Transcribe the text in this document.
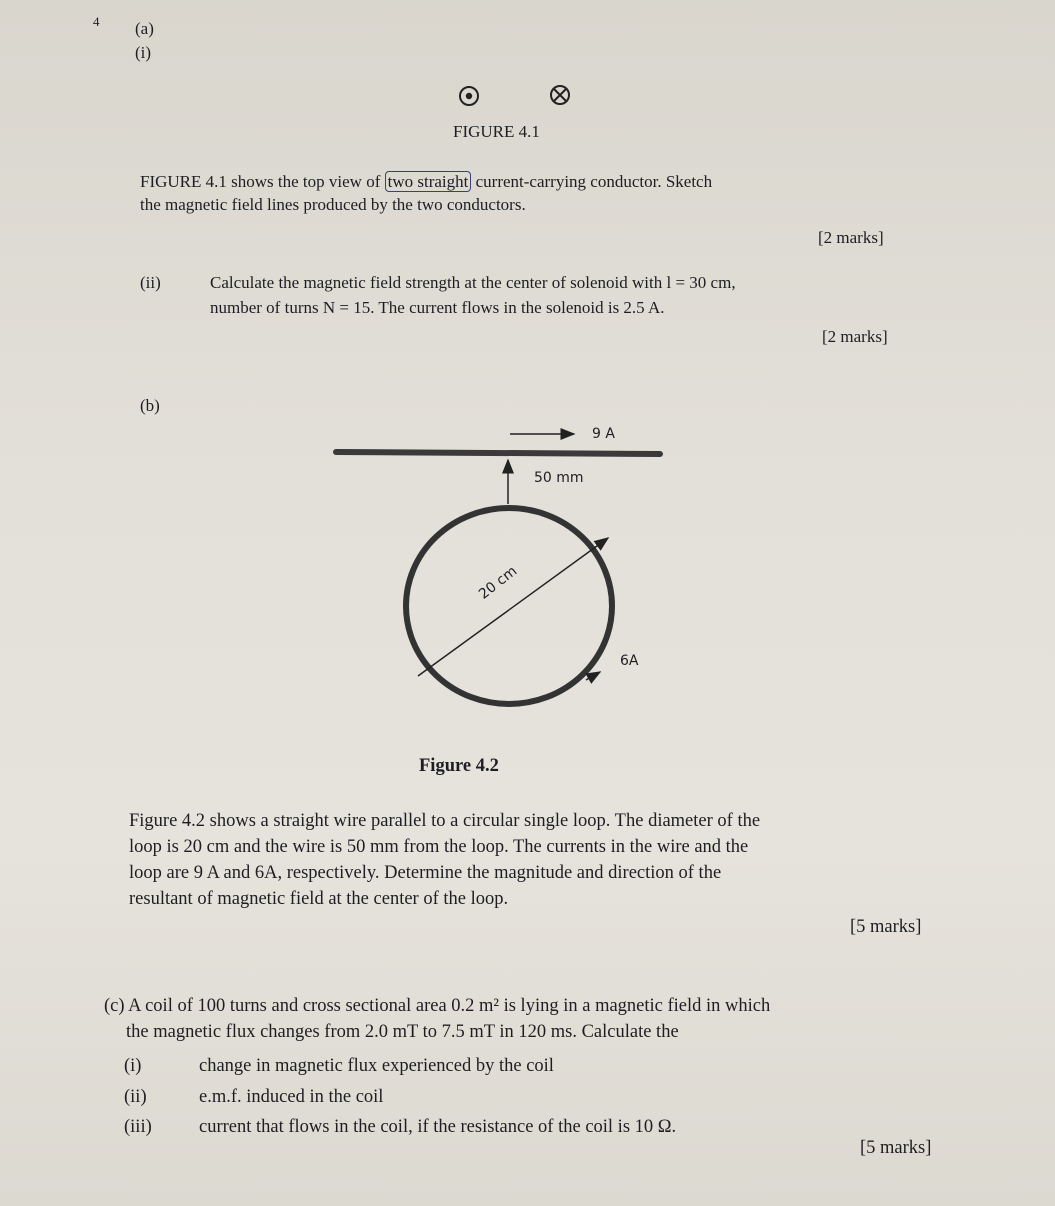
4 (a)
(i)
FIGURE 4.1
FIGURE 4.1 shows the top view of two straight current-carrying conductor. Sketch
the magnetic field lines produced by the two conductors.
[2 marks]
(ii)	Calculate the magnetic field strength at the center of solenoid with l = 30 cm,
number of turns N = 15. The current flows in the solenoid is 2.5 A.
[2 marks]
(b)
9 A
50 mm
20 cm
6A
Figure 4.2
Figure 4.2 shows a straight wire parallel to a circular single loop. The diameter of the
loop is 20 cm and the wire is 50 mm from the loop. The currents in the wire and the
loop are 9 A and 6A, respectively. Determine the magnitude and direction of the
resultant of magnetic field at the center of the loop.
[5 marks]
(c) A coil of 100 turns and cross sectional area 0.2 m² is lying in a magnetic field in which
the magnetic flux changes from 2.0 mT to 7.5 mT in 120 ms. Calculate the
(i)	change in magnetic flux experienced by the coil
(ii)	e.m.f. induced in the coil
(iii)	current that flows in the coil, if the resistance of the coil is 10 Ω.
[5 marks]
